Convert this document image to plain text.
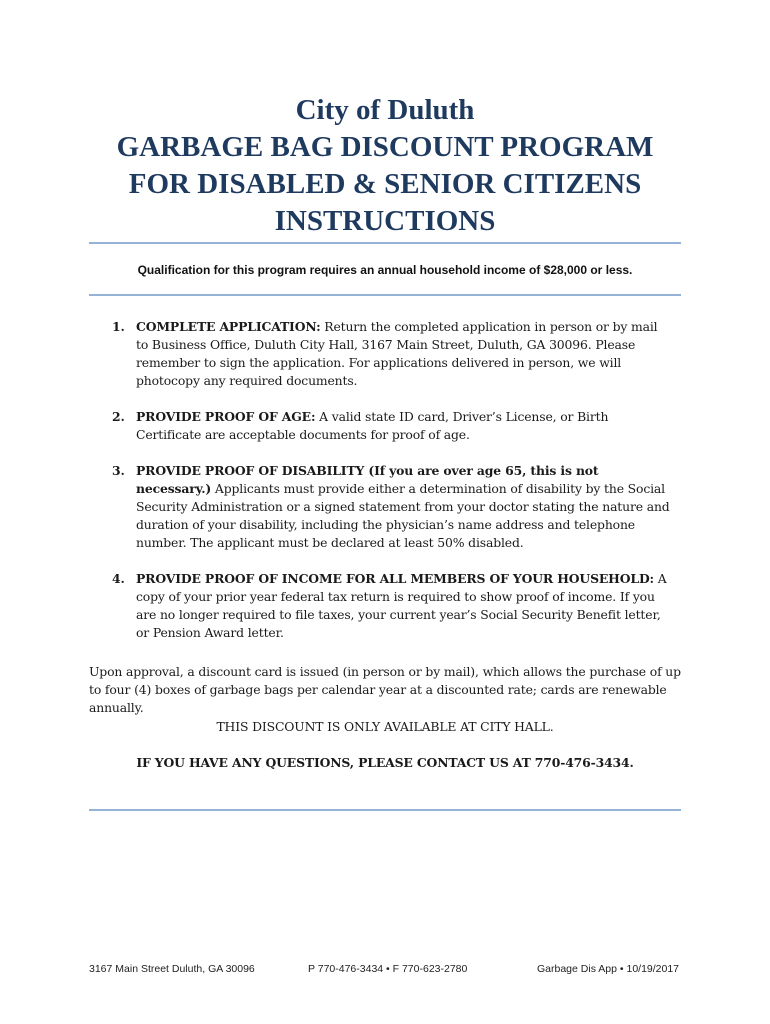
City of Duluth
GARBAGE BAG DISCOUNT PROGRAM
FOR DISABLED & SENIOR CITIZENS
INSTRUCTIONS
Qualification for this program requires an annual household income of $28,000 or less.
1. COMPLETE APPLICATION: Return the completed application in person or by mail to Business Office, Duluth City Hall, 3167 Main Street, Duluth, GA 30096. Please remember to sign the application. For applications delivered in person, we will photocopy any required documents.
2. PROVIDE PROOF OF AGE: A valid state ID card, Driver’s License, or Birth Certificate are acceptable documents for proof of age.
3. PROVIDE PROOF OF DISABILITY (If you are over age 65, this is not necessary.) Applicants must provide either a determination of disability by the Social Security Administration or a signed statement from your doctor stating the nature and duration of your disability, including the physician’s name address and telephone number. The applicant must be declared at least 50% disabled.
4. PROVIDE PROOF OF INCOME FOR ALL MEMBERS OF YOUR HOUSEHOLD: A copy of your prior year federal tax return is required to show proof of income. If you are no longer required to file taxes, your current year’s Social Security Benefit letter, or Pension Award letter.

Upon approval, a discount card is issued (in person or by mail), which allows the purchase of up to four (4) boxes of garbage bags per calendar year at a discounted rate; cards are renewable annually.

THIS DISCOUNT IS ONLY AVAILABLE AT CITY HALL.
IF YOU HAVE ANY QUESTIONS, PLEASE CONTACT US AT 770-476-3434.
3167 Main Street Duluth, GA 30096	P 770-476-3434 • F 770-623-2780	Garbage Dis App • 10/19/2017
